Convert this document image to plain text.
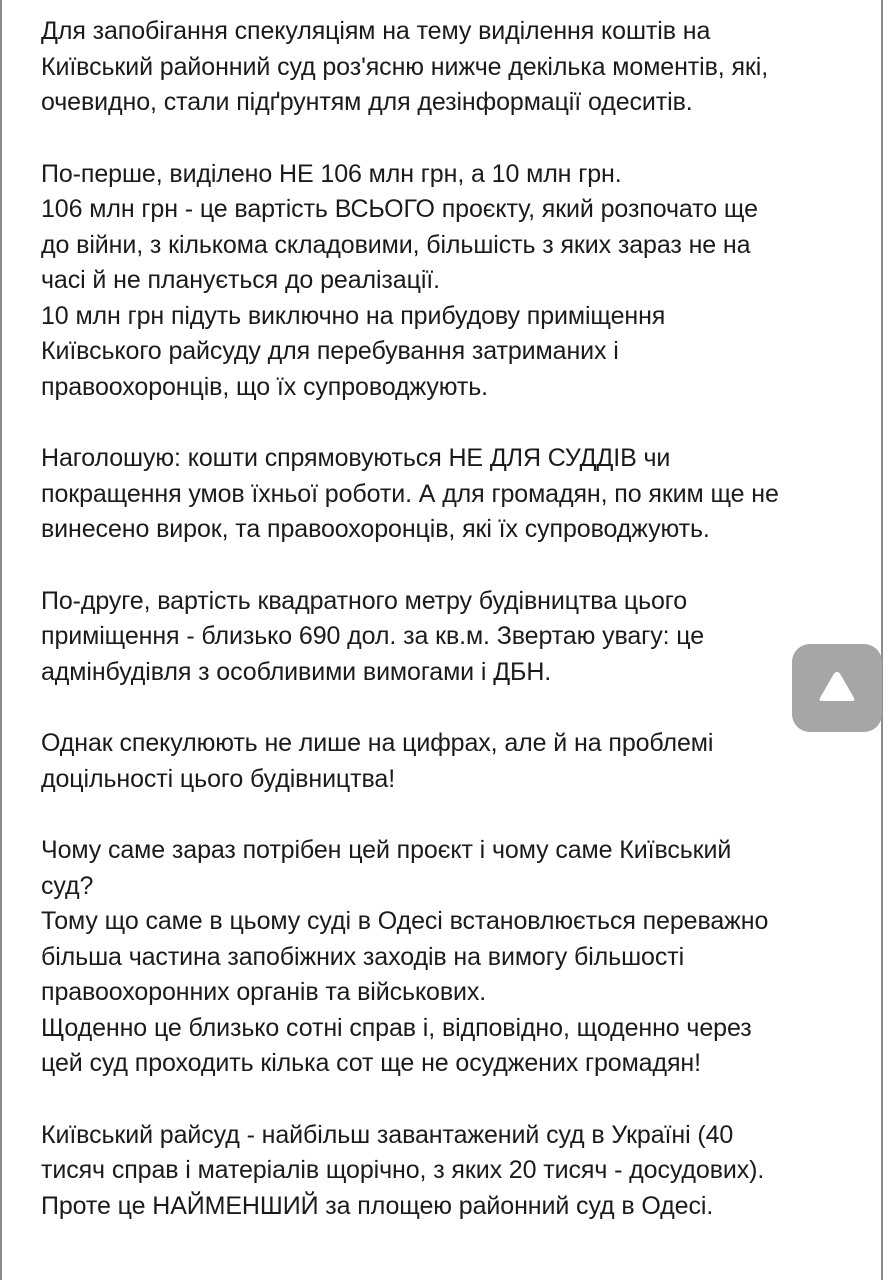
Для запобігання спекуляціям на тему виділення коштів на
Київський районний суд роз'ясню нижче декілька моментів, які,
очевидно, стали підґрунтям для дезінформації одеситів.

По-перше, виділено НЕ 106 млн грн, а 10 млн грн.
106 млн грн - це вартість ВСЬОГО проєкту, який розпочато ще
до війни, з кількома складовими, більшість з яких зараз не на
часі й не планується до реалізації.
10 млн грн підуть виключно на прибудову приміщення
Київського райсуду для перебування затриманих і
правоохоронців, що їх супроводжують.

Наголошую: кошти спрямовуються НЕ ДЛЯ СУДДІВ чи
покращення умов їхньої роботи. А для громадян, по яким ще не
винесено вирок, та правоохоронців, які їх супроводжують.

По-друге, вартість квадратного метру будівництва цього
приміщення - близько 690 дол. за кв.м. Звертаю увагу: це
адмінбудівля з особливими вимогами і ДБН.

Однак спекулюють не лише на цифрах, але й на проблемі
доцільності цього будівництва!

Чому саме зараз потрібен цей проєкт і чому саме Київський
суд?
Тому що саме в цьому суді в Одесі встановлюється переважно
більша частина запобіжних заходів на вимогу більшості
правоохоронних органів та військових.
Щоденно це близько сотні справ і, відповідно, щоденно через
цей суд проходить кілька сот ще не осуджених громадян!

Київський райсуд - найбільш завантажений суд в Україні (40
тисяч справ і матеріалів щорічно, з яких 20 тисяч - досудових).
Проте це НАЙМЕНШИЙ за площею районний суд в Одесі.
